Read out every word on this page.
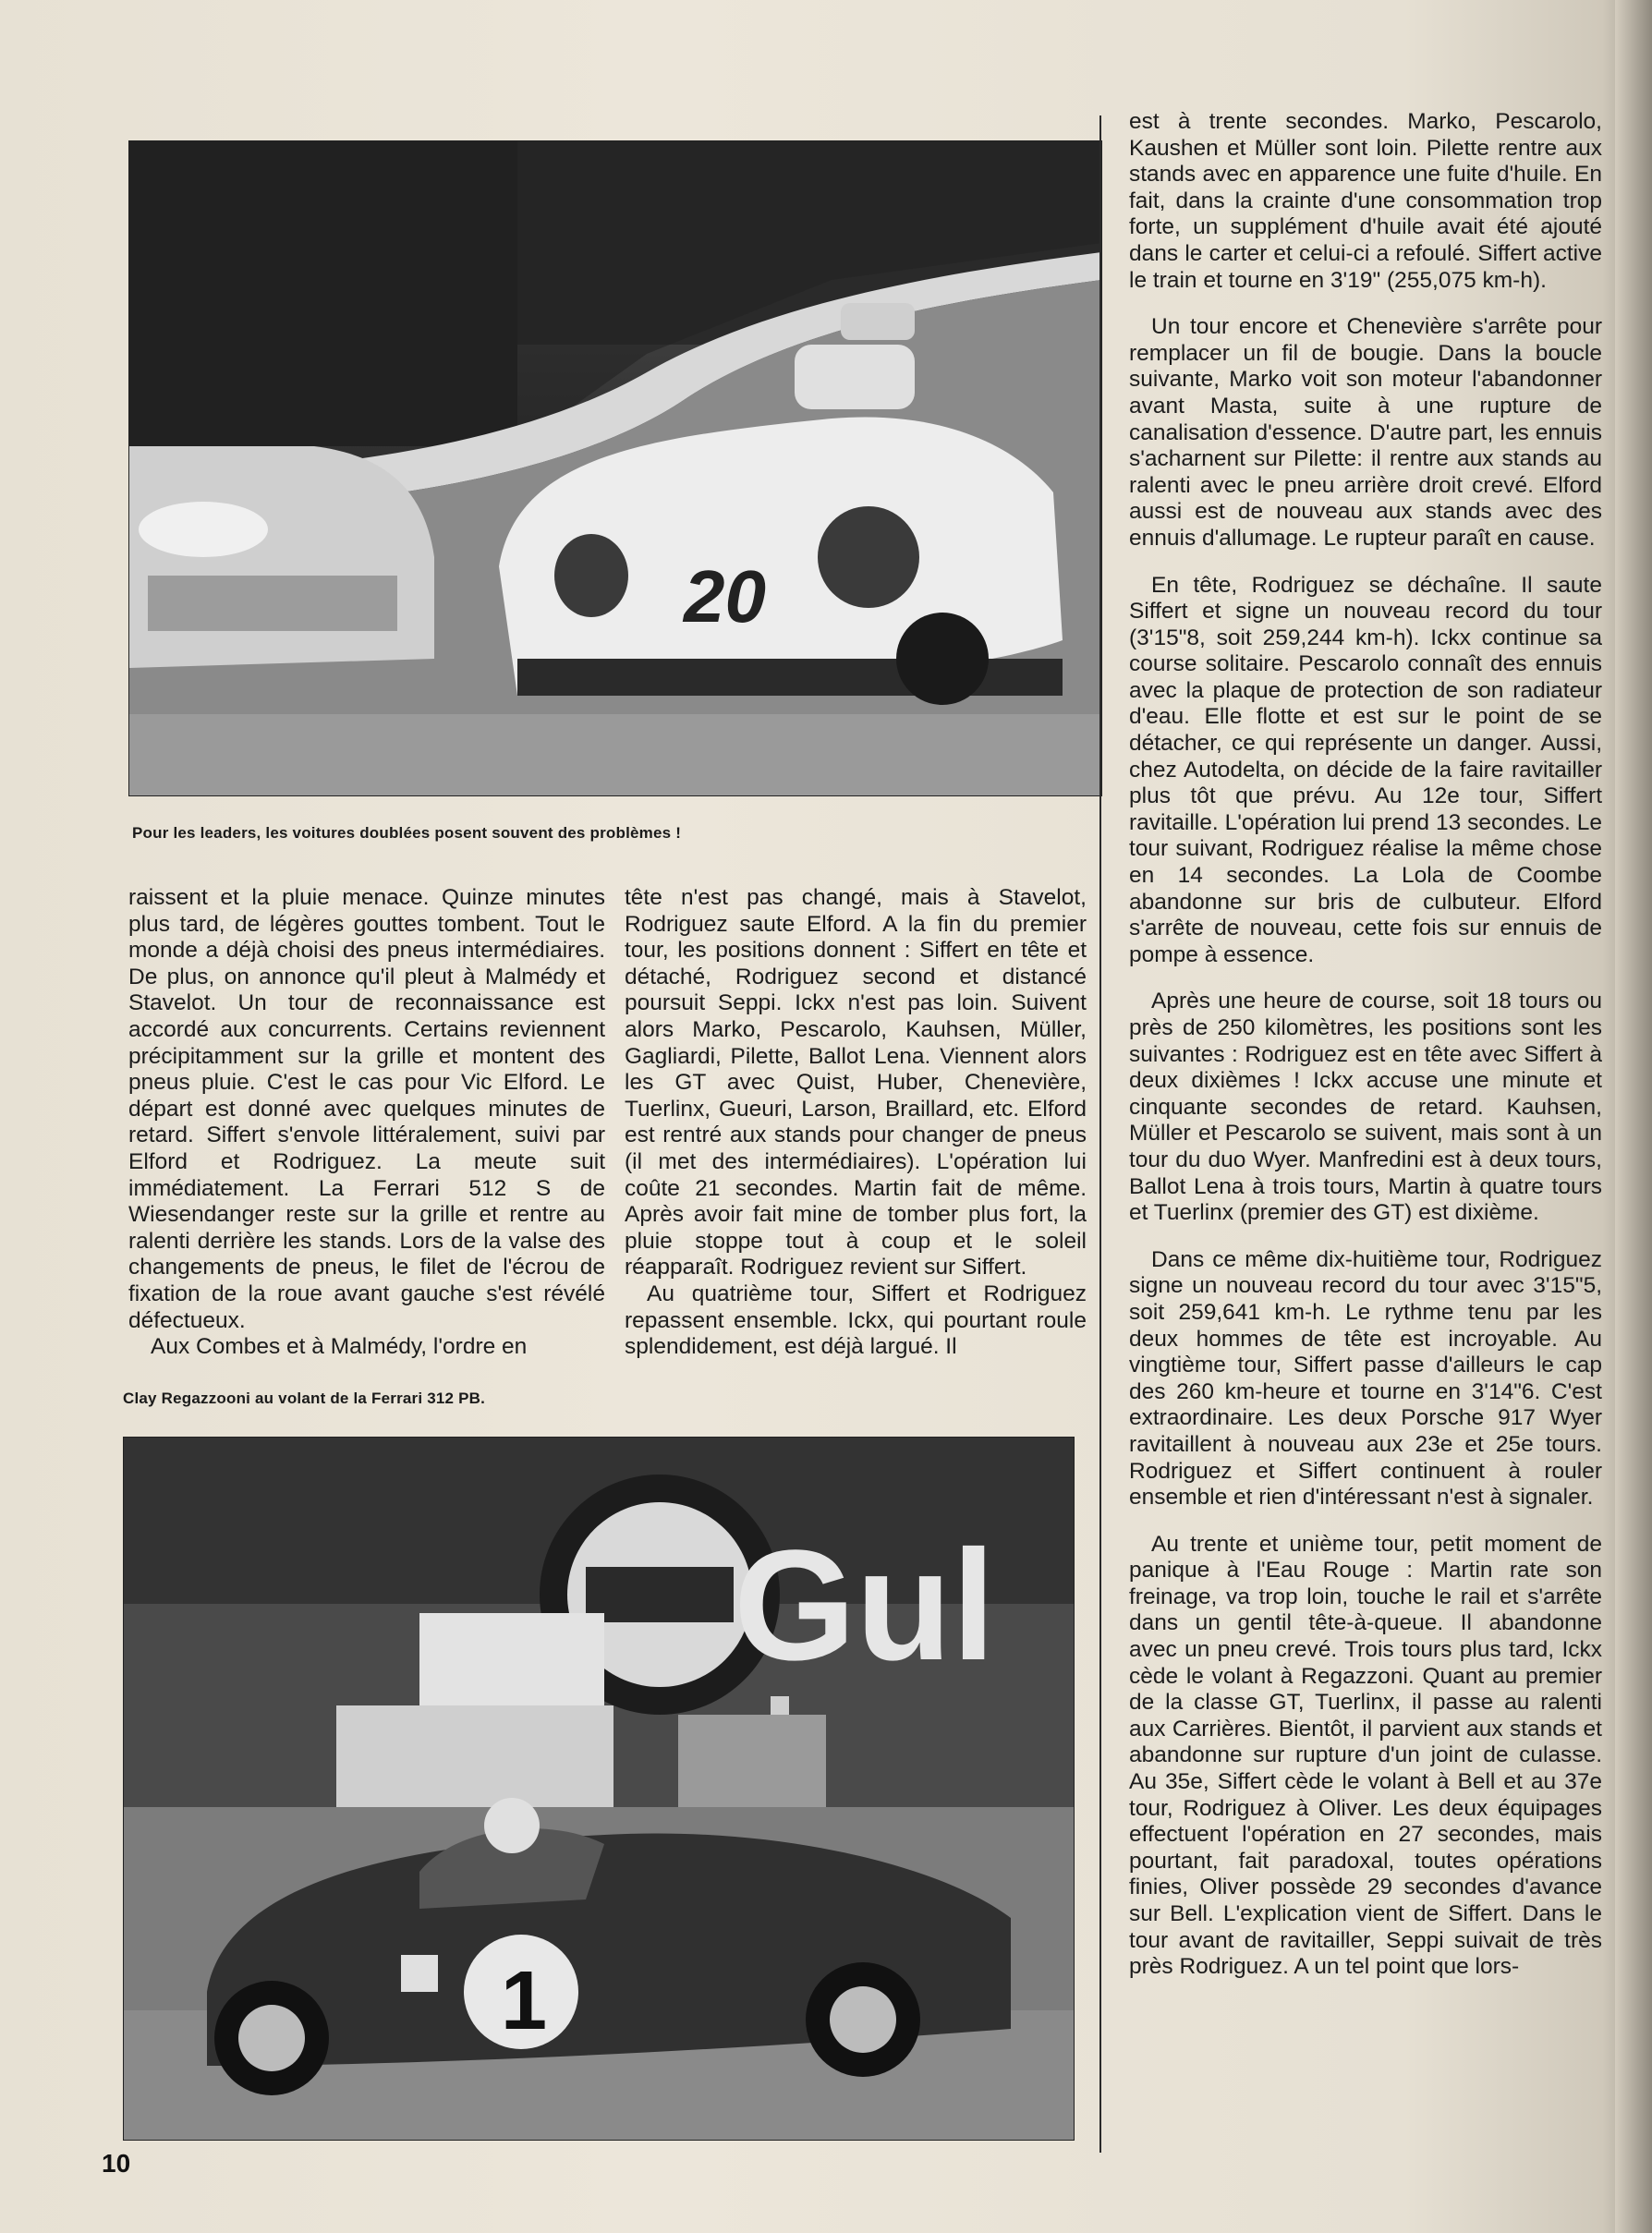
20
Pour les leaders, les voitures doublées posent souvent des problèmes !

raissent et la pluie menace. Quinze minutes plus tard, de légères gouttes tombent. Tout le monde a déjà choisi des pneus intermédiaires. De plus, on annonce qu'il pleut à Malmédy et Stavelot. Un tour de reconnaissance est accordé aux concurrents. Certains reviennent précipitamment sur la grille et montent des pneus pluie. C'est le cas pour Vic Elford. Le départ est donné avec quelques minutes de retard. Siffert s'envole littéralement, suivi par Elford et Rodriguez. La meute suit immédiatement. La Ferrari 512 S de Wiesendanger reste sur la grille et rentre au ralenti derrière les stands. Lors de la valse des changements de pneus, le filet de l'écrou de fixation de la roue avant gauche s'est révélé défectueux.

Aux Combes et à Malmédy, l'ordre en

tête n'est pas changé, mais à Stavelot, Rodriguez saute Elford. A la fin du premier tour, les positions donnent : Siffert en tête et détaché, Rodriguez second et distancé poursuit Seppi. Ickx n'est pas loin. Suivent alors Marko, Pescarolo, Kauhsen, Müller, Gagliardi, Pilette, Ballot Lena. Viennent alors les GT avec Quist, Huber, Chenevière, Tuerlinx, Gueuri, Larson, Braillard, etc. Elford est rentré aux stands pour changer de pneus (il met des intermédiaires). L'opération lui coûte 21 secondes. Martin fait de même. Après avoir fait mine de tomber plus fort, la pluie stoppe tout à coup et le soleil réapparaît. Rodriguez revient sur Siffert.

Au quatrième tour, Siffert et Rodriguez repassent ensemble. Ickx, qui pourtant roule splendidement, est déjà largué. Il

Clay Regazzooni au volant de la Ferrari 312 PB.
Gul
1

est à trente secondes. Marko, Pescarolo, Kaushen et Müller sont loin. Pilette rentre aux stands avec en apparence une fuite d'huile. En fait, dans la crainte d'une consommation trop forte, un supplément d'huile avait été ajouté dans le carter et celui-ci a refoulé. Siffert active le train et tourne en 3'19" (255,075 km-h).

Un tour encore et Chenevière s'arrête pour remplacer un fil de bougie. Dans la boucle suivante, Marko voit son moteur l'abandonner avant Masta, suite à une rupture de canalisation d'essence. D'autre part, les ennuis s'acharnent sur Pilette: il rentre aux stands au ralenti avec le pneu arrière droit crevé. Elford aussi est de nouveau aux stands avec des ennuis d'allumage. Le rupteur paraît en cause.

En tête, Rodriguez se déchaîne. Il saute Siffert et signe un nouveau record du tour (3'15"8, soit 259,244 km-h). Ickx continue sa course solitaire. Pescarolo connaît des ennuis avec la plaque de protection de son radiateur d'eau. Elle flotte et est sur le point de se détacher, ce qui représente un danger. Aussi, chez Autodelta, on décide de la faire ravitailler plus tôt que prévu. Au 12e tour, Siffert ravitaille. L'opération lui prend 13 secondes. Le tour suivant, Rodriguez réalise la même chose en 14 secondes. La Lola de Coombe abandonne sur bris de culbuteur. Elford s'arrête de nouveau, cette fois sur ennuis de pompe à essence.

Après une heure de course, soit 18 tours ou près de 250 kilomètres, les positions sont les suivantes : Rodriguez est en tête avec Siffert à deux dixièmes ! Ickx accuse une minute et cinquante secondes de retard. Kauhsen, Müller et Pescarolo se suivent, mais sont à un tour du duo Wyer. Manfredini est à deux tours, Ballot Lena à trois tours, Martin à quatre tours et Tuerlinx (premier des GT) est dixième.

Dans ce même dix-huitième tour, Rodriguez signe un nouveau record du tour avec 3'15"5, soit 259,641 km-h. Le rythme tenu par les deux hommes de tête est incroyable. Au vingtième tour, Siffert passe d'ailleurs le cap des 260 km-heure et tourne en 3'14"6. C'est extraordinaire. Les deux Porsche 917 Wyer ravitaillent à nouveau aux 23e et 25e tours. Rodriguez et Siffert continuent à rouler ensemble et rien d'intéressant n'est à signaler.

Au trente et unième tour, petit moment de panique à l'Eau Rouge : Martin rate son freinage, va trop loin, touche le rail et s'arrête dans un gentil tête-à-queue. Il abandonne avec un pneu crevé. Trois tours plus tard, Ickx cède le volant à Regazzoni. Quant au premier de la classe GT, Tuerlinx, il passe au ralenti aux Carrières. Bientôt, il parvient aux stands et abandonne sur rupture d'un joint de culasse. Au 35e, Siffert cède le volant à Bell et au 37e tour, Rodriguez à Oliver. Les deux équipages effectuent l'opération en 27 secondes, mais pourtant, fait paradoxal, toutes opérations finies, Oliver possède 29 secondes d'avance sur Bell. L'explication vient de Siffert. Dans le tour avant de ravitailler, Seppi suivait de très près Rodriguez. A un tel point que lors-

10
